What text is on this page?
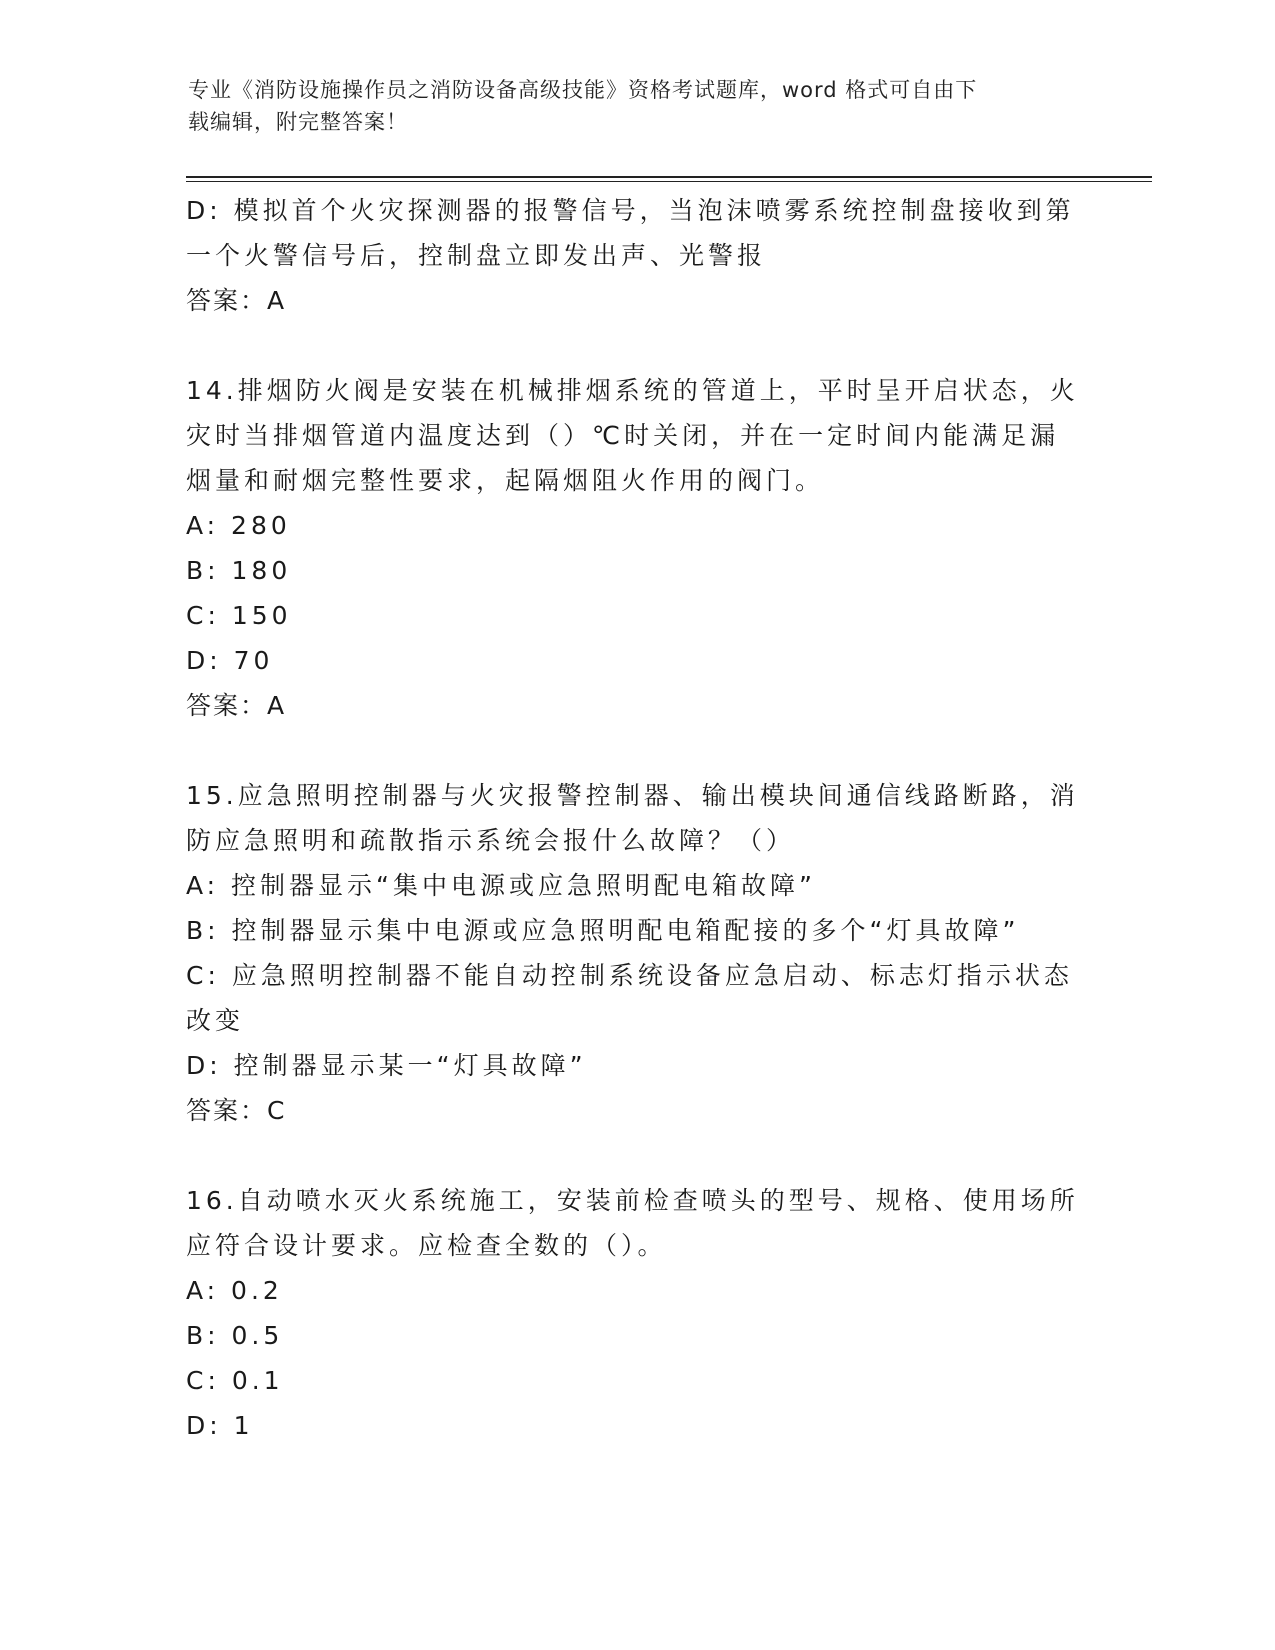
专业《消防设施操作员之消防设备高级技能》资格考试题库，word 格式可自由下
载编辑，附完整答案！
D: 模拟首个火灾探测器的报警信号，当泡沫喷雾系统控制盘接收到第
一个火警信号后，控制盘立即发出声、光警报
答案：A
14.排烟防火阀是安装在机械排烟系统的管道上，平时呈开启状态，火
灾时当排烟管道内温度达到（）℃时关闭，并在一定时间内能满足漏
烟量和耐烟完整性要求，起隔烟阻火作用的阀门。
A: 280
B: 180
C: 150
D: 70
答案：A
15.应急照明控制器与火灾报警控制器、输出模块间通信线路断路，消
防应急照明和疏散指示系统会报什么故障？（）
A: 控制器显示“集中电源或应急照明配电箱故障”
B: 控制器显示集中电源或应急照明配电箱配接的多个“灯具故障”
C: 应急照明控制器不能自动控制系统设备应急启动、标志灯指示状态
改变
D: 控制器显示某一“灯具故障”
答案：C
16.自动喷水灭火系统施工，安装前检查喷头的型号、规格、使用场所
应符合设计要求。应检查全数的（）。
A: 0.2
B: 0.5
C: 0.1
D: 1
